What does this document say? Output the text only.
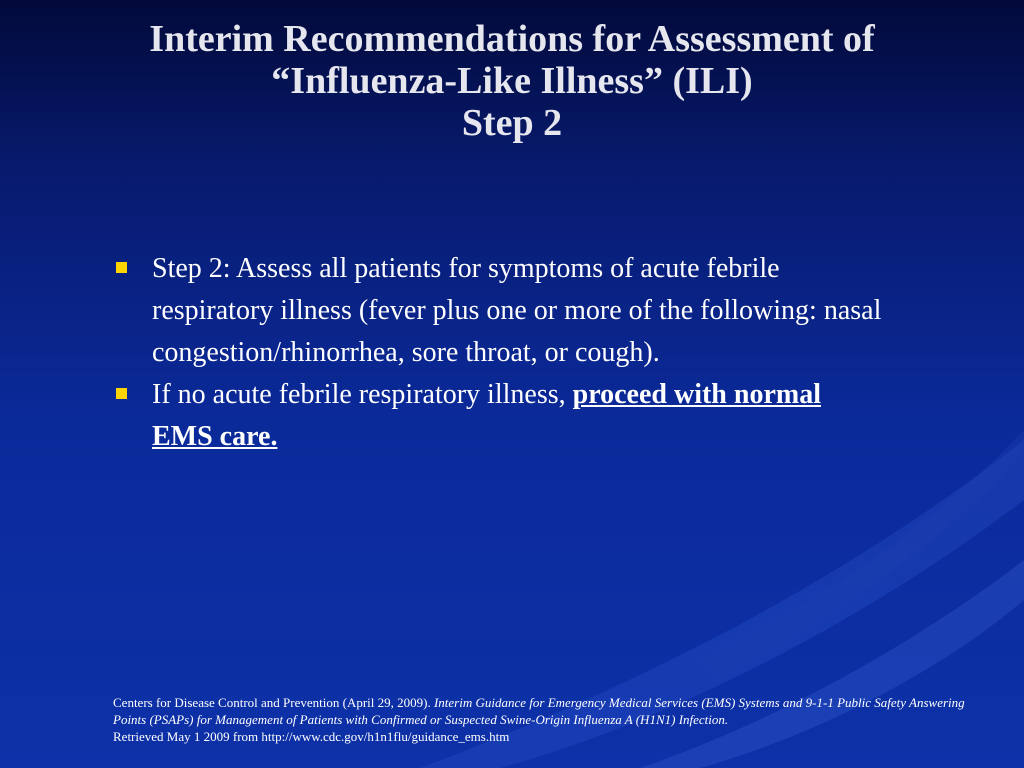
Interim Recommendations for Assessment of
“Influenza-Like Illness” (ILI)
Step 2
Step 2: Assess all patients for symptoms of acute febrile respiratory illness (fever plus one or more of the following: nasal congestion/rhinorrhea, sore throat, or cough).
If no acute febrile respiratory illness, proceed with normal EMS care.
Centers for Disease Control and Prevention (April 29, 2009). Interim Guidance for Emergency Medical Services (EMS) Systems and 9-1-1 Public Safety Answering Points (PSAPs) for Management of Patients with Confirmed or Suspected Swine-Origin Influenza A (H1N1) Infection.
Retrieved May 1 2009 from http://www.cdc.gov/h1n1flu/guidance_ems.htm
